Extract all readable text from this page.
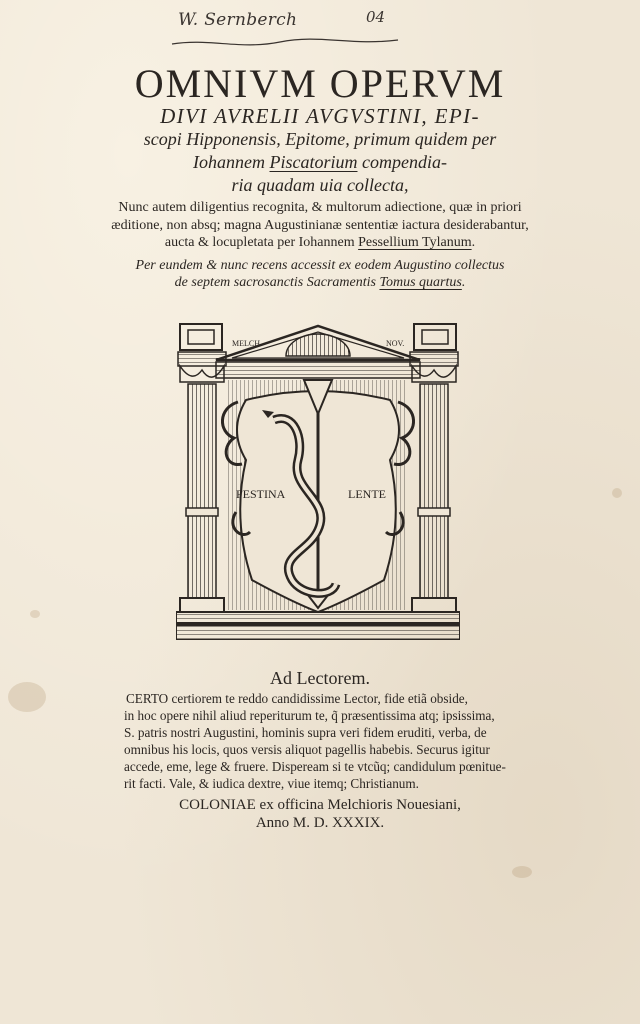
W. Sernberch	04
OMNIVM OPERVM
DIVI AVRELII AVGVSTINI, EPI-
scopi Hipponensis, Epitome, primum quidem per
Iohannem Piscatorium compendia-
ria quadam uia collecta,
Nunc autem diligentius recognita, & multorum adiectione, quæ in priori
æditione, non absq; magna Augustinianæ sententiæ iactura desiderabantur,
aucta & locupletata per Iohannem Pessellium Tylanum.
Per eundem & nunc recens accessit ex eodem Augustino collectus
de septem sacrosanctis Sacramentis Tomus quartus.
MELCH.	NOV.
FESTINA	LENTE
Ad Lectorem.
CERTO certiorem te reddo candidissime Lector, fide etiã obside,
in hoc opere nihil aliud reperiturum te, q̃ præsentissima atq; ipsissima,
S. patris nostri Augustini, hominis supra veri fidem eruditi, verba, de
omnibus his locis, quos versis aliquot pagellis habebis. Securus igitur
accede, eme, lege & fruere. Dispeream si te vtcũq; candidulum pœnitue-
rit facti. Vale, & iudica dextre, viue itemq; Christianum.
COLONIAE ex officina Melchioris Nouesiani,
Anno M. D. XXXIX.
